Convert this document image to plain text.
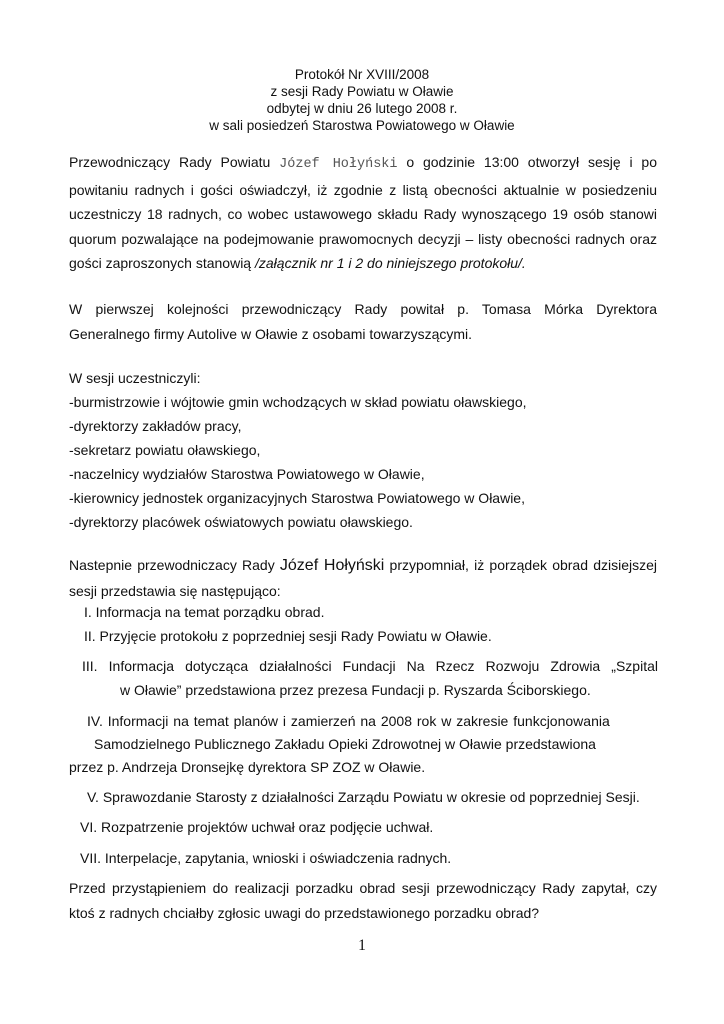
Protokół Nr XVIII/2008
z sesji Rady Powiatu w Oławie
odbytej w dniu 26 lutego 2008 r.
w sali posiedzeń Starostwa Powiatowego w Oławie
Przewodniczący Rady Powiatu Józef Hołyński o godzinie 13:00 otworzył sesję i po powitaniu radnych i gości oświadczył, iż zgodnie z listą obecności aktualnie w posiedzeniu uczestniczy 18 radnych, co wobec ustawowego składu Rady wynoszącego 19 osób stanowi quorum pozwalające na podejmowanie prawomocnych decyzji – listy obecności radnych oraz gości zaproszonych stanowią /załącznik nr 1 i 2 do niniejszego protokołu/.
W pierwszej kolejności przewodniczący Rady powitał p. Tomasa Mórka Dyrektora Generalnego firmy Autolive w Oławie z osobami towarzyszącymi.
W sesji uczestniczyli:
-burmistrzowie i wójtowie gmin wchodzących w skład powiatu oławskiego,
-dyrektorzy zakładów pracy,
-sekretarz powiatu oławskiego,
-naczelnicy wydziałów Starostwa Powiatowego w Oławie,
-kierownicy jednostek organizacyjnych Starostwa Powiatowego w Oławie,
-dyrektorzy placówek oświatowych powiatu oławskiego.
Nastepnie przewodniczacy Rady Józef Hołyński przypomniał, iż porządek obrad dzisiejszej sesji przedstawia się następująco:
I. Informacja na temat porządku obrad.
II. Przyjęcie protokołu z poprzedniej sesji Rady Powiatu w Oławie.
III. Informacja dotycząca działalności Fundacji Na Rzecz Rozwoju Zdrowia „Szpital
w Oławie” przedstawiona przez prezesa Fundacji p. Ryszarda Ściborskiego.
IV. Informacji na temat planów i zamierzeń na 2008 rok w zakresie funkcjonowania
Samodzielnego Publicznego Zakładu Opieki Zdrowotnej w Oławie przedstawiona
przez p. Andrzeja Dronsejkę dyrektora SP ZOZ w Oławie.
V. Sprawozdanie Starosty z działalności Zarządu Powiatu w okresie od poprzedniej Sesji.
VI. Rozpatrzenie projektów uchwał oraz podjęcie uchwał.
VII. Interpelacje, zapytania, wnioski i oświadczenia radnych.
Przed przystąpieniem do realizacji porzadku obrad sesji przewodniczący Rady zapytał, czy ktoś z radnych chciałby zgłosic uwagi do przedstawionego porzadku obrad?
1
